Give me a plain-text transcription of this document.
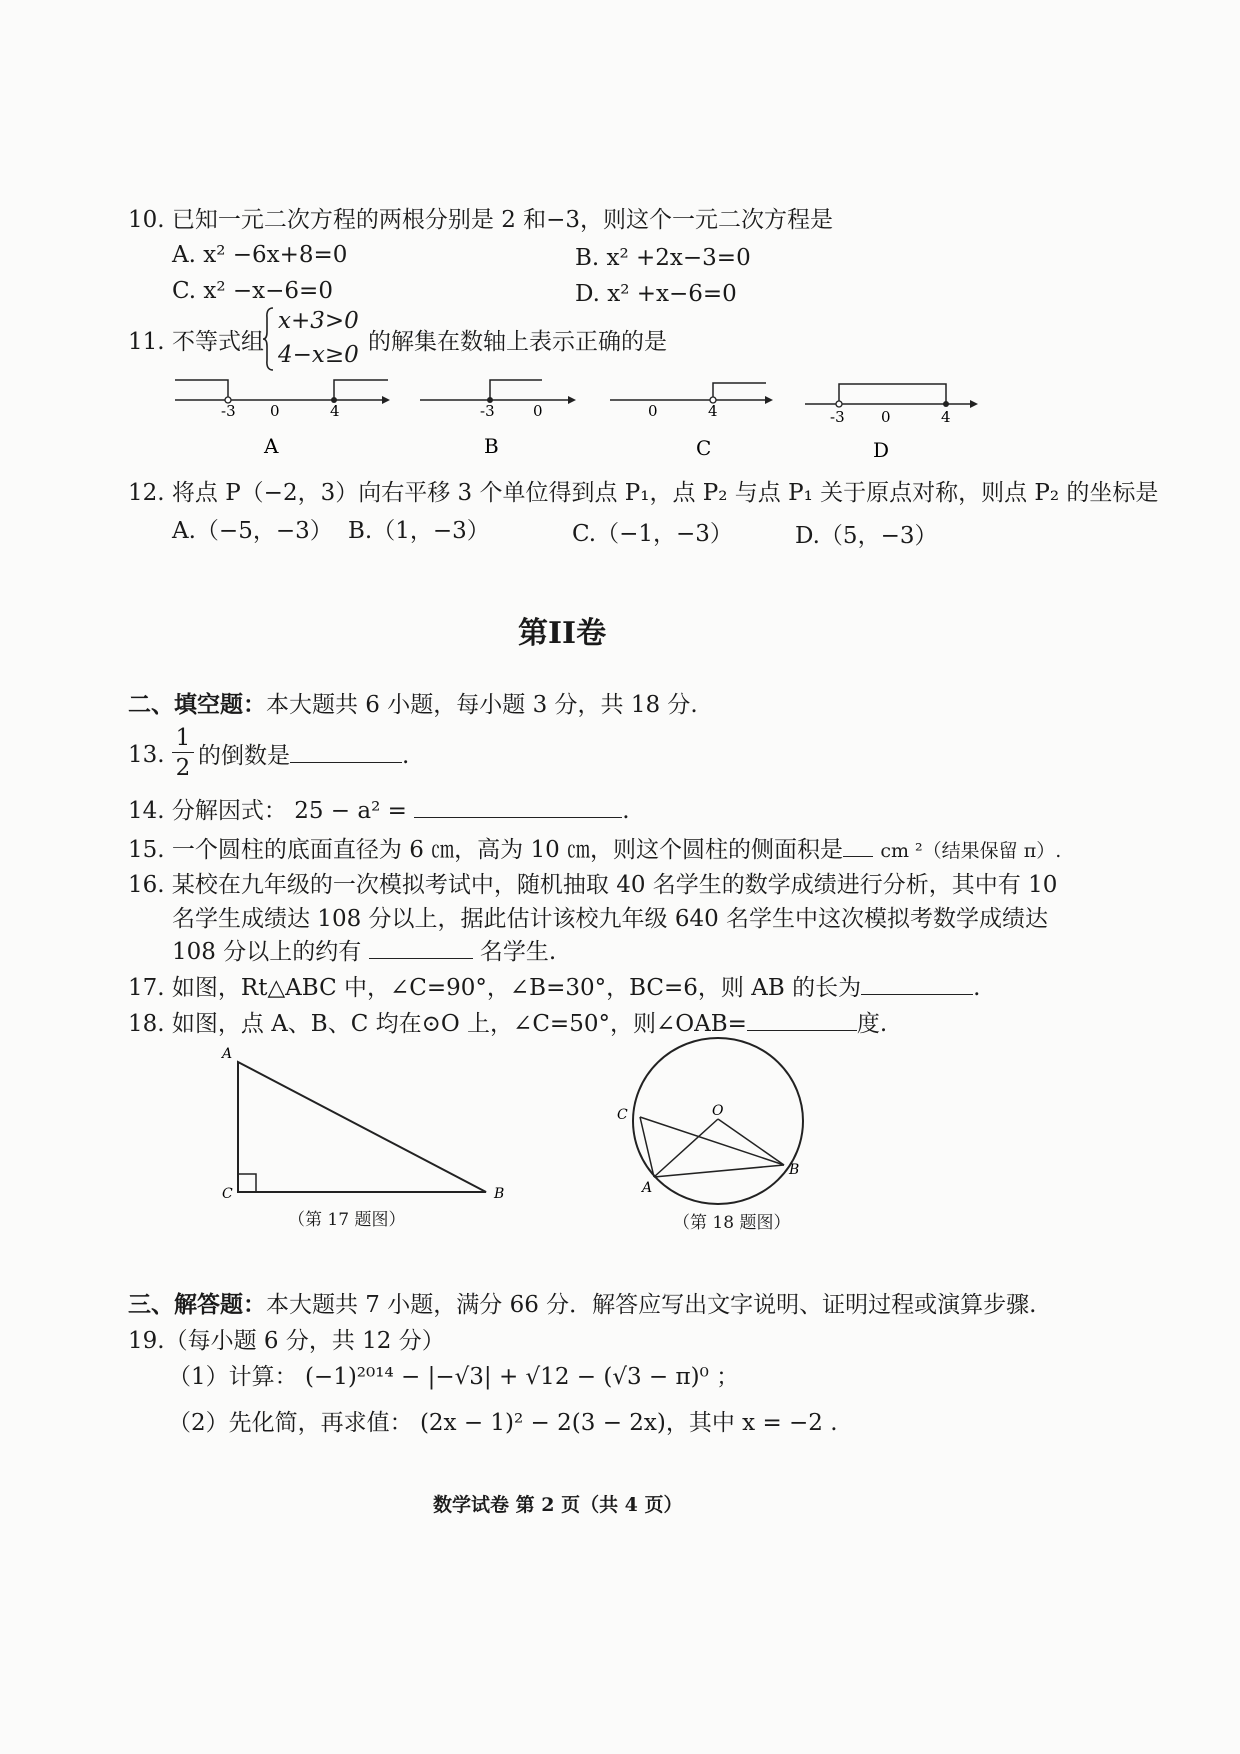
10. 已知一元二次方程的两根分别是 2 和−3，则这个一元二次方程是
A. x² −6x+8=0	B. x² +2x−3=0
C. x² −x−6=0	D. x² +x−6=0
11. 不等式组
x+3>0
4−x≥0 的解集在数轴上表示正确的是
-3 0	4
A
-3	0
B
0	4
C
-3 0	4
D
12. 将点 P（−2，3）向右平移 3 个单位得到点 P₁，点 P₂ 与点 P₁ 关于原点对称，则点 P₂ 的坐标是
A.（−5，−3） B.（1，−3）	C.（−1，−3）	D.（5，−3）
第II卷
二、填空题：本大题共 6 小题，每小题 3 分，共 18 分.
13. $\frac{1}{2}$ 的倒数是	.
14. 分解因式： 25 − a² =	.
15. 一个圆柱的底面直径为 6 ㎝，高为 10 ㎝，则这个圆柱的侧面积是 cm ²（结果保留 π）.
16. 某校在九年级的一次模拟考试中，随机抽取 40 名学生的数学成绩进行分析，其中有 10
名学生成绩达 108 分以上，据此估计该校九年级 640 名学生中这次模拟考数学成绩达
108 分以上的约有	名学生.
17. 如图，Rt△ABC 中，∠C=90°，∠B=30°，BC=6，则 AB 的长为	.
18. 如图，点 A、B、C 均在⊙O 上，∠C=50°，则∠OAB=	度.
A
C	B
（第 17 题图）
O
C
A
B
（第 18 题图）
三、解答题：本大题共 7 小题，满分 66 分．解答应写出文字说明、证明过程或演算步骤.
19.（每小题 6 分，共 12 分）
（1）计算： (−1)²⁰¹⁴ − |−√3| + √12 − (√3 − π)⁰ ；
（2）先化简，再求值： (2x − 1)² − 2(3 − 2x)，其中 x = −2 .
数学试卷 第 2 页（共 4 页）
